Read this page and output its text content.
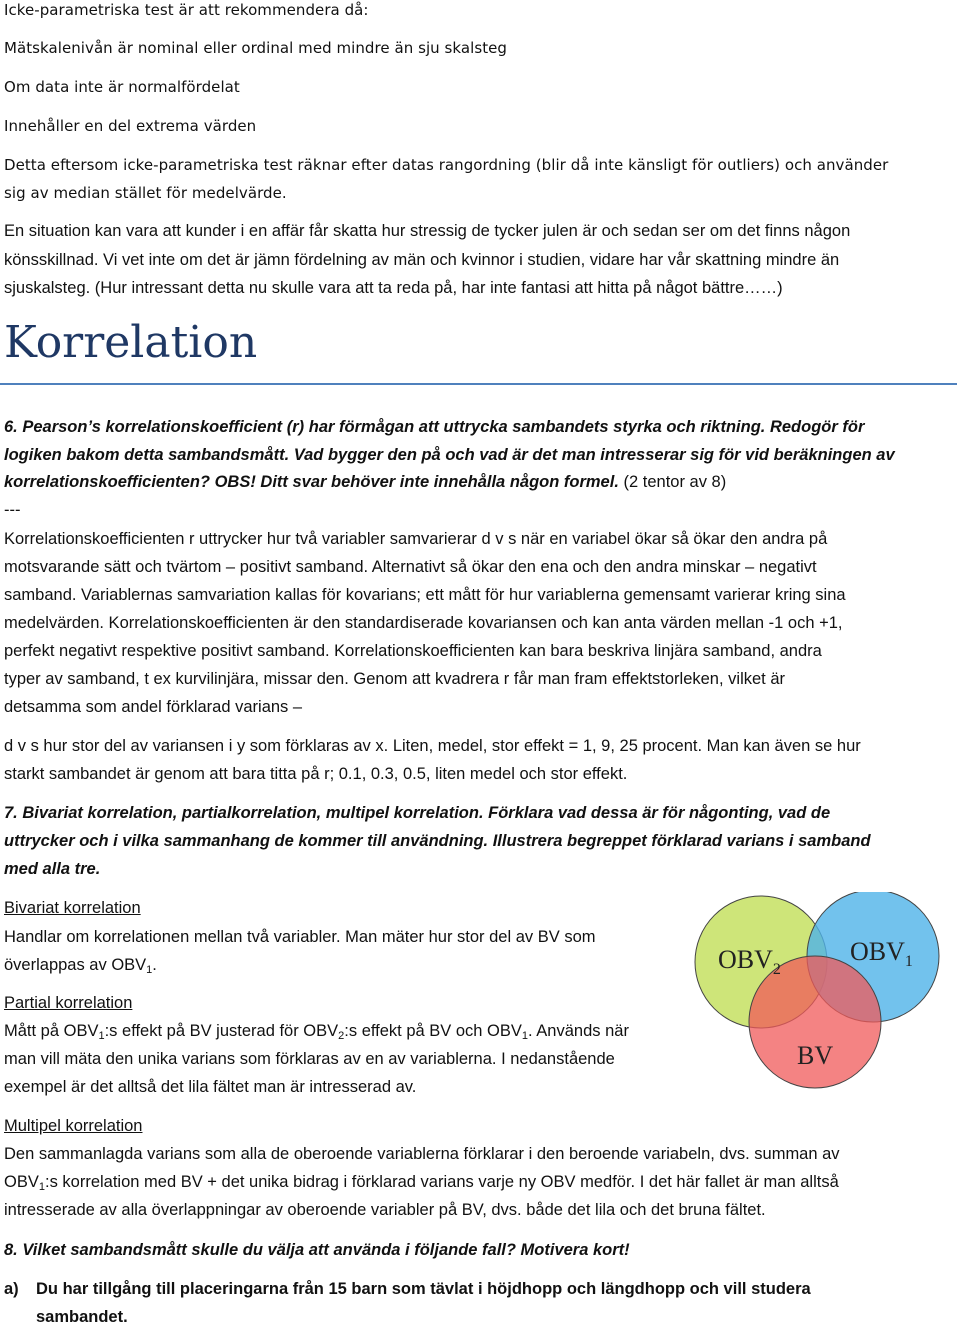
Icke-parametriska test är att rekommendera då:
Mätskalenivån är nominal eller ordinal med mindre än sju skalsteg
Om data inte är normalfördelat
Innehåller en del extrema värden
Detta eftersom icke-parametriska test räknar efter datas rangordning (blir då inte känsligt för outliers) och använder
sig av median stället för medelvärde.
En situation kan vara att kunder i en affär får skatta hur stressig de tycker julen är och sedan ser om det finns någon
könsskillnad. Vi vet inte om det är jämn fördelning av män och kvinnor i studien, vidare har vår skattning mindre än
sjuskalsteg. (Hur intressant detta nu skulle vara att ta reda på, har inte fantasi att hitta på något bättre……)
Korrelation
6. Pearson’s korrelationskoefficient (r) har förmågan att uttrycka sambandets styrka och riktning. Redogör för
logiken bakom detta sambandsmått. Vad bygger den på och vad är det man intresserar sig för vid beräkningen av
korrelationskoefficienten? OBS! Ditt svar behöver inte innehålla någon formel. (2 tentor av 8)
---
Korrelationskoefficienten r uttrycker hur två variabler samvarierar d v s när en variabel ökar så ökar den andra på
motsvarande sätt och tvärtom – positivt samband. Alternativt så ökar den ena och den andra minskar – negativt
samband. Variablernas samvariation kallas för kovarians; ett mått för hur variablerna gemensamt varierar kring sina
medelvärden. Korrelationskoefficienten är den standardiserade kovariansen och kan anta värden mellan -1 och +1,
perfekt negativt respektive positivt samband. Korrelationskoefficienten kan bara beskriva linjära samband, andra
typer av samband, t ex kurvilinjära, missar den. Genom att kvadrera r får man fram effektstorleken, vilket är
detsamma som andel förklarad varians –
d v s hur stor del av variansen i y som förklaras av x. Liten, medel, stor effekt = 1, 9, 25 procent. Man kan även se hur
starkt sambandet är genom att bara titta på r; 0.1, 0.3, 0.5, liten medel och stor effekt.
7. Bivariat korrelation, partialkorrelation, multipel korrelation. Förklara vad dessa är för någonting, vad de
uttrycker och i vilka sammanhang de kommer till användning. Illustrera begreppet förklarad varians i samband
med alla tre.
Bivariat korrelation
Handlar om korrelationen mellan två variabler. Man mäter hur stor del av BV som
överlappas av $OBV_1$.
Partial korrelation
Mått på $OBV_1:s$ effekt på BV justerad för $OBV_2:s$ effekt på BV och $OBV_1$. Används när
man vill mäta den unika varians som förklaras av en av variablerna. I nedanstående
exempel är det alltså det lila fältet man är intresserad av.
Multipel korrelation
Den sammanlagda varians som alla de oberoende variablerna förklarar i den beroende variabeln, dvs. summan av
$OBV_1:s$ korrelation med BV + det unika bidrag i förklarad varians varje ny OBV medför. I det här fallet är man alltså
intresserade av alla överlappningar av oberoende variabler på BV, dvs. både det lila och det bruna fältet.
$OBV_2$
$OBV_1$
BV
8. Vilket sambandsmått skulle du välja att använda i följande fall? Motivera kort!
a) Du har tillgång till placeringarna från 15 barn som tävlat i höjdhopp och längdhopp och vill studera
sambandet.
